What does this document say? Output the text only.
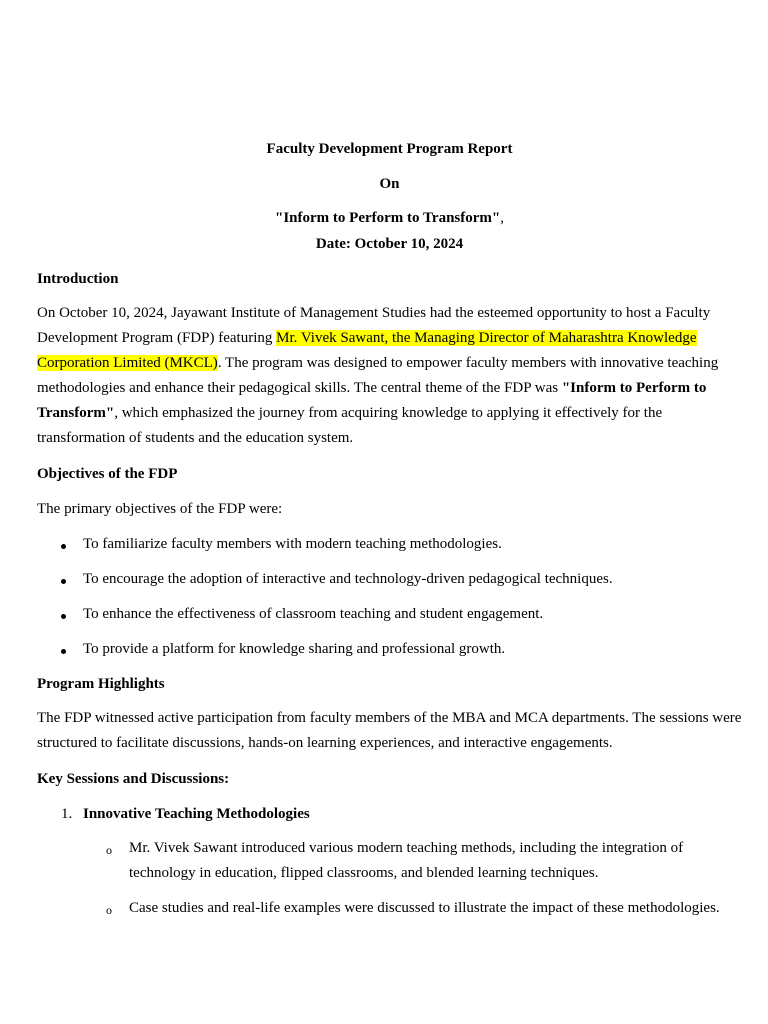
Faculty Development Program Report
On
"Inform to Perform to Transform",
Date: October 10, 2024
Introduction
On October 10, 2024, Jayawant Institute of Management Studies had the esteemed opportunity to host a Faculty Development Program (FDP) featuring Mr. Vivek Sawant, the Managing Director of Maharashtra Knowledge Corporation Limited (MKCL). The program was designed to empower faculty members with innovative teaching methodologies and enhance their pedagogical skills. The central theme of the FDP was "Inform to Perform to Transform", which emphasized the journey from acquiring knowledge to applying it effectively for the transformation of students and the education system.
Objectives of the FDP
The primary objectives of the FDP were:
To familiarize faculty members with modern teaching methodologies.
To encourage the adoption of interactive and technology-driven pedagogical techniques.
To enhance the effectiveness of classroom teaching and student engagement.
To provide a platform for knowledge sharing and professional growth.
Program Highlights
The FDP witnessed active participation from faculty members of the MBA and MCA departments. The sessions were structured to facilitate discussions, hands-on learning experiences, and interactive engagements.
Key Sessions and Discussions:
1. Innovative Teaching Methodologies
o Mr. Vivek Sawant introduced various modern teaching methods, including the integration of technology in education, flipped classrooms, and blended learning techniques.
o Case studies and real-life examples were discussed to illustrate the impact of these methodologies.
